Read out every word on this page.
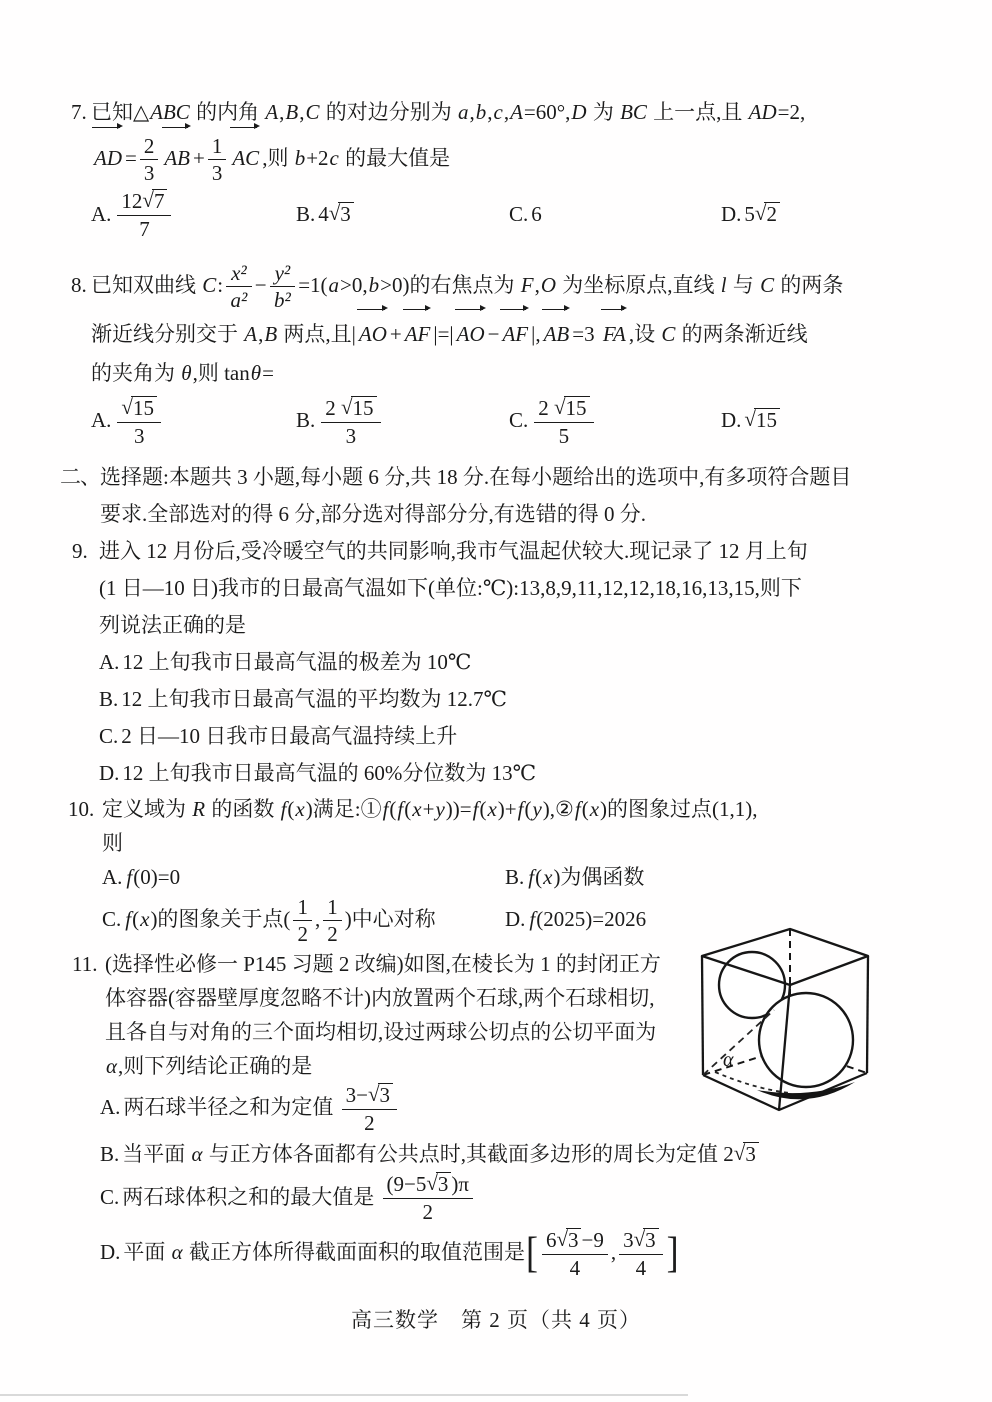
7. 已知△ABC 的内角 A,B,C 的对边分别为 a,b,c,A=60°,D 为 BC 上一点,且 AD=2,
AD = $\frac{2}{3}$ AB + $\frac{1}{3}$ AC ,则 b+2c 的最大值是
A. $\frac{12√7}{7}$	B. 4√3	C. 6	D. 5√2
8. 已知双曲线 C: $\frac{\text{x²}}{\text{a²}} - \frac{\text{y²}}{\text{b²}} =1(a>0,b>0)$的右焦点为 F,O 为坐标原点,直线 l 与 C 的两条
渐近线分别交于 A,B 两点,且| AO + AF |=| AO − AF |, AB =3 FA ,设 C 的两条渐近线
的夹角为 θ,则 tanθ=
A. $\frac{√15}{3}$	B. $\frac{2 √15}{3}$	C. $\frac{2 √15}{5}$	D. √15
二、选择题:本题共 3 小题,每小题 6 分,共 18 分.在每小题给出的选项中,有多项符合题目
要求.全部选对的得 6 分,部分选对得部分分,有选错的得 0 分.
9. 进入 12 月份后,受冷暖空气的共同影响,我市气温起伏较大.现记录了 12 月上旬
(1 日—10 日)我市的日最高气温如下(单位:℃):13,8,9,11,12,12,18,16,13,15,则下
列说法正确的是
A. 12 上旬我市日最高气温的极差为 10℃
B. 12 上旬我市日最高气温的平均数为 12.7℃
C. 2 日—10 日我市日最高气温持续上升
D. 12 上旬我市日最高气温的 60%分位数为 13℃
10. 定义域为 R 的函数 f(x)满足:①f(f(x+y))=f(x)+f(y),②f(x)的图象过点(1,1),
则
A. f(0)=0	B. f(x)为偶函数
C. f(x)的图象关于点( $\frac{1}{2}$ , $\frac{1}{2}$ )中心对称	D. f(2025)=2026
11. (选择性必修一 P145 习题 2 改编)如图,在棱长为 1 的封闭正方
体容器(容器壁厚度忽略不计)内放置两个石球,两个石球相切,
且各自与对角的三个面均相切,设过两球公切点的公切平面为
α,则下列结论正确的是
A. 两石球半径之和为定值 $\frac{3-√3}{2}$
B. 当平面 α 与正方体各面都有公共点时,其截面多边形的周长为定值 2√3
C. 两石球体积之和的最大值是 $\frac{(9-5√3 )\pi}{2}$
D. 平面 α 截正方体所得截面面积的取值范围是[ $\frac{6√3 -9}{4}$ , $\frac{3√3}{4}$ ]
高三数学　第 2 页（共 4 页）
α
